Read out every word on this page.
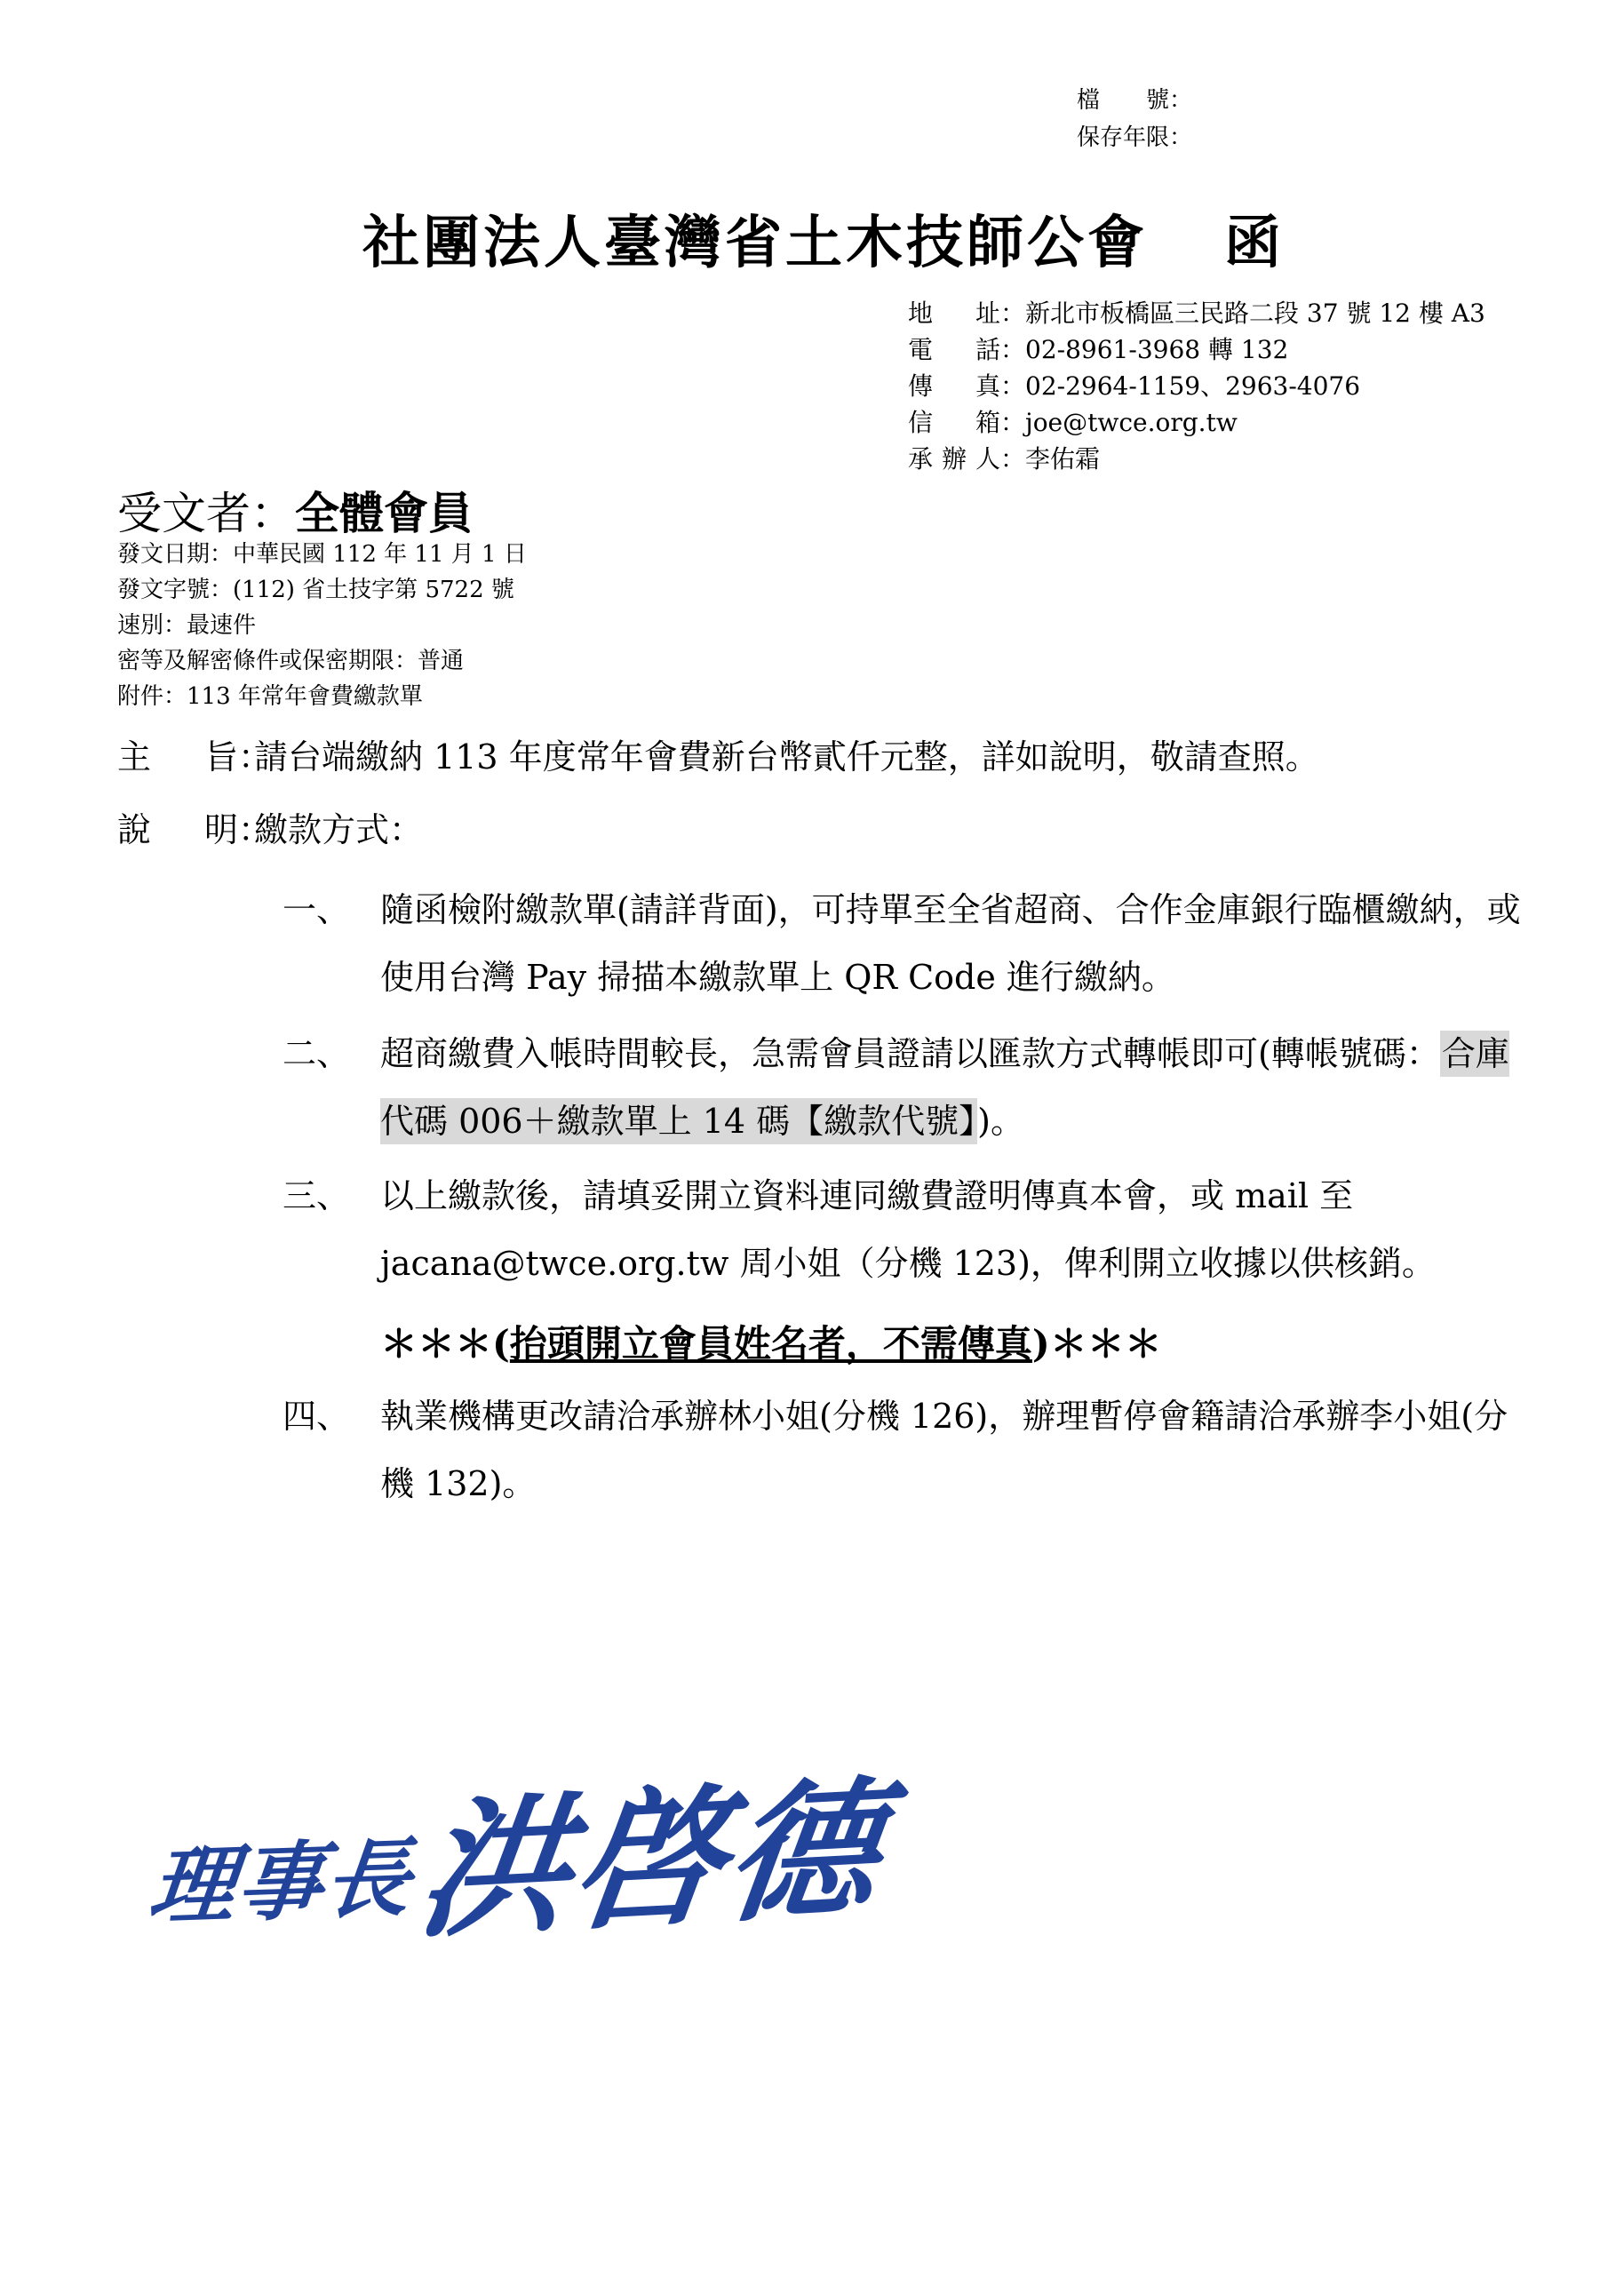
檔　　號：
保存年限：
社團法人臺灣省土木技師公會 函
地址 ： 新北市板橋區三民路二段 37 號 12 樓 A3
電話 ： 02-8961-3968 轉 132
傳真 ： 02-2964-1159、2963-4076
信箱 ： joe@twce.org.tw
承辦人 ： 李佑霜
受文者：全體會員
發文日期：中華民國 112 年 11 月 1 日
發文字號：(112) 省土技字第 5722 號
速別：最速件
密等及解密條件或保密期限：普通
附件：113 年常年會費繳款單
主 旨：請台端繳納 113 年度常年會費新台幣貳仟元整，詳如說明，敬請查照。
說 明：繳款方式：
一、 隨函檢附繳款單(請詳背面)，可持單至全省超商、合作金庫銀行臨櫃繳納，或使用台灣 Pay 掃描本繳款單上 QR Code 進行繳納。
二、 超商繳費入帳時間較長，急需會員證請以匯款方式轉帳即可(轉帳號碼：合庫代碼 006＋繳款單上 14 碼【繳款代號】)。
三、 以上繳款後，請填妥開立資料連同繳費證明傳真本會，或 mail 至 jacana@twce.org.tw 周小姐（分機 123)，俾利開立收據以供核銷。
＊＊＊(抬頭開立會員姓名者，不需傳真)＊＊＊
四、 執業機構更改請洽承辦林小姐(分機 126)，辦理暫停會籍請洽承辦李小姐(分機 132)。
理事長洪啓德
